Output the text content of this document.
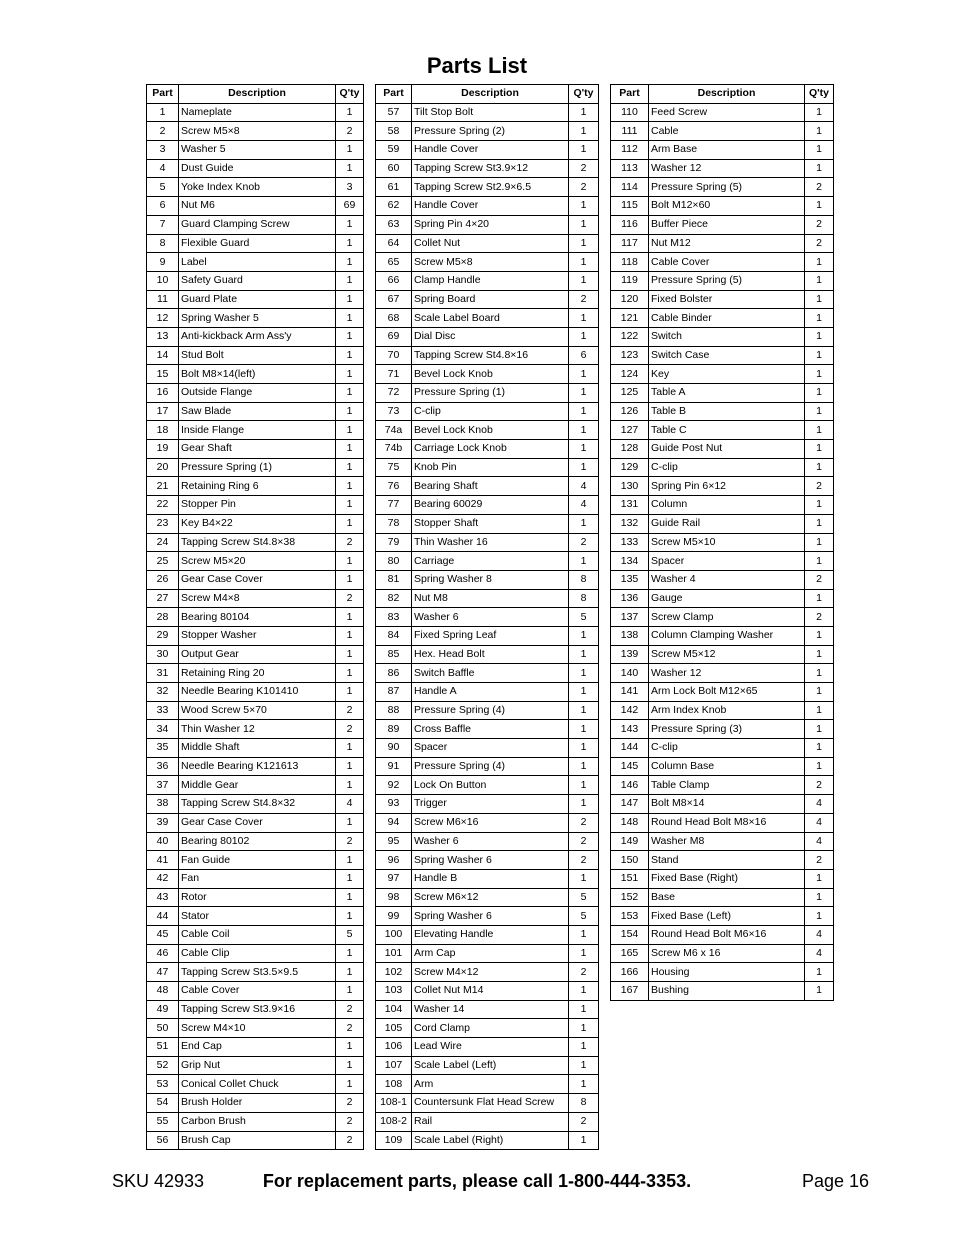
Parts List
Part	Description	Q'ty
1	Nameplate	1
2	Screw M5×8	2
3	Washer 5	1
4	Dust Guide	1
5	Yoke Index Knob	3
6	Nut M6	69
7	Guard Clamping Screw	1
8	Flexible Guard	1
9	Label	1
10	Safety Guard	1
11	Guard Plate	1
12	Spring Washer 5	1
13	Anti-kickback Arm Ass'y	1
14	Stud Bolt	1
15	Bolt M8×14(left)	1
16	Outside Flange	1
17	Saw Blade	1
18	Inside Flange	1
19	Gear Shaft	1
20	Pressure Spring (1)	1
21	Retaining Ring 6	1
22	Stopper Pin	1
23	Key B4×22	1
24	Tapping Screw St4.8×38	2
25	Screw M5×20	1
26	Gear Case Cover	1
27	Screw M4×8	2
28	Bearing 80104	1
29	Stopper Washer	1
30	Output Gear	1
31	Retaining Ring 20	1
32	Needle Bearing K101410	1
33	Wood Screw 5×70	2
34	Thin Washer 12	2
35	Middle Shaft	1
36	Needle Bearing K121613	1
37	Middle Gear	1
38	Tapping Screw St4.8×32	4
39	Gear Case Cover	1
40	Bearing 80102	2
41	Fan Guide	1
42	Fan	1
43	Rotor	1
44	Stator	1
45	Cable Coil	5
46	Cable Clip	1
47	Tapping Screw St3.5×9.5	1
48	Cable Cover	1
49	Tapping Screw St3.9×16	2
50	Screw M4×10	2
51	End Cap	1
52	Grip Nut	1
53	Conical Collet Chuck	1
54	Brush Holder	2
55	Carbon Brush	2
56	Brush Cap	2
Part	Description	Q'ty
57	Tilt Stop Bolt	1
58	Pressure Spring (2)	1
59	Handle Cover	1
60	Tapping Screw St3.9×12	2
61	Tapping Screw St2.9×6.5	2
62	Handle Cover	1
63	Spring Pin 4×20	1
64	Collet Nut	1
65	Screw M5×8	1
66	Clamp Handle	1
67	Spring Board	2
68	Scale Label Board	1
69	Dial Disc	1
70	Tapping Screw St4.8×16	6
71	Bevel Lock Knob	1
72	Pressure Spring (1)	1
73	C-clip	1
74a	Bevel Lock Knob	1
74b	Carriage Lock Knob	1
75	Knob Pin	1
76	Bearing Shaft	4
77	Bearing 60029	4
78	Stopper Shaft	1
79	Thin Washer 16	2
80	Carriage	1
81	Spring Washer 8	8
82	Nut M8	8
83	Washer 6	5
84	Fixed Spring Leaf	1
85	Hex. Head Bolt	1
86	Switch Baffle	1
87	Handle A	1
88	Pressure Spring (4)	1
89	Cross Baffle	1
90	Spacer	1
91	Pressure Spring (4)	1
92	Lock On Button	1
93	Trigger	1
94	Screw M6×16	2
95	Washer 6	2
96	Spring Washer 6	2
97	Handle B	1
98	Screw M6×12	5
99	Spring Washer 6	5
100	Elevating Handle	1
101	Arm Cap	1
102	Screw M4×12	2
103	Collet Nut M14	1
104	Washer 14	1
105	Cord Clamp	1
106	Lead Wire	1
107	Scale Label (Left)	1
108	Arm	1
108-1	Countersunk Flat Head Screw	8
108-2	Rail	2
109	Scale Label (Right)	1
Part	Description	Q'ty
110	Feed Screw	1
111	Cable	1
112	Arm Base	1
113	Washer 12	1
114	Pressure Spring (5)	2
115	Bolt M12×60	1
116	Buffer Piece	2
117	Nut M12	2
118	Cable Cover	1
119	Pressure Spring (5)	1
120	Fixed Bolster	1
121	Cable Binder	1
122	Switch	1
123	Switch Case	1
124	Key	1
125	Table A	1
126	Table B	1
127	Table C	1
128	Guide Post Nut	1
129	C-clip	1
130	Spring Pin 6×12	2
131	Column	1
132	Guide Rail	1
133	Screw M5×10	1
134	Spacer	1
135	Washer 4	2
136	Gauge	1
137	Screw Clamp	2
138	Column Clamping Washer	1
139	Screw M5×12	1
140	Washer 12	1
141	Arm Lock Bolt M12×65	1
142	Arm Index Knob	1
143	Pressure Spring (3)	1
144	C-clip	1
145	Column Base	1
146	Table Clamp	2
147	Bolt M8×14	4
148	Round Head Bolt M8×16	4
149	Washer M8	4
150	Stand	2
151	Fixed Base (Right)	1
152	Base	1
153	Fixed Base (Left)	1
154	Round Head Bolt M6×16	4
165	Screw M6 x 16	4
166	Housing	1
167	Bushing	1
SKU 42933	For replacement parts, please call 1-800-444-3353.	Page 16
